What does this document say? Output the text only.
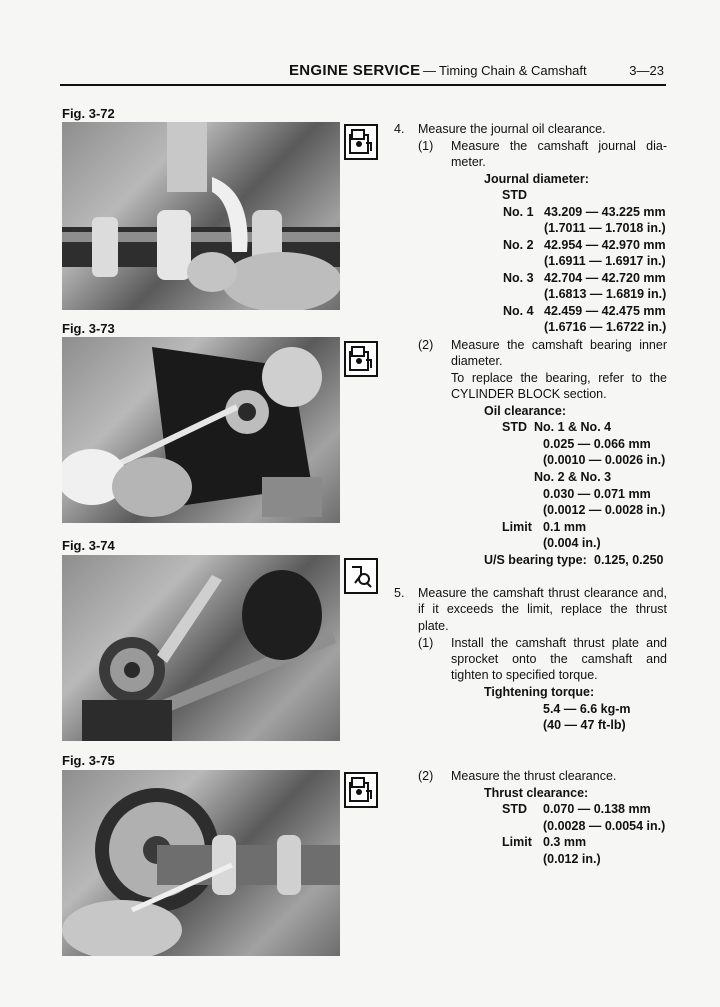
ENGINE SERVICE — Timing Chain & Camshaft	3—23
Fig. 3-72
Fig. 3-73
Fig. 3-74
Fig. 3-75
4. Measure the journal oil clearance.
(1) Measure the camshaft journal dia-
meter.
Journal diameter:
STD
No. 1 43.209 — 43.225 mm
(1.7011 — 1.7018 in.)
No. 2 42.954 — 42.970 mm
(1.6911 — 1.6917 in.)
No. 3 42.704 — 42.720 mm
(1.6813 — 1.6819 in.)
No. 4 42.459 — 42.475 mm
(1.6716 — 1.6722 in.)
(2) Measure the camshaft bearing inner
diameter.
To replace the bearing, refer to the
CYLINDER BLOCK section.
Oil clearance:
STD No. 1 & No. 4
0.025 — 0.066 mm
(0.0010 — 0.0026 in.)
No. 2 & No. 3
0.030 — 0.071 mm
(0.0012 — 0.0028 in.)
Limit 0.1 mm
(0.004 in.)
U/S bearing type: 0.125, 0.250
5. Measure the camshaft thrust clearance and,
if it exceeds the limit, replace the thrust
plate.
(1) Install the camshaft thrust plate and
sprocket onto the camshaft and
tighten to specified torque.
Tightening torque:
5.4 — 6.6 kg-m
(40 — 47 ft-lb)
(2) Measure the thrust clearance.
Thrust clearance:
STD 0.070 — 0.138 mm
(0.0028 — 0.0054 in.)
Limit 0.3 mm
(0.012 in.)
